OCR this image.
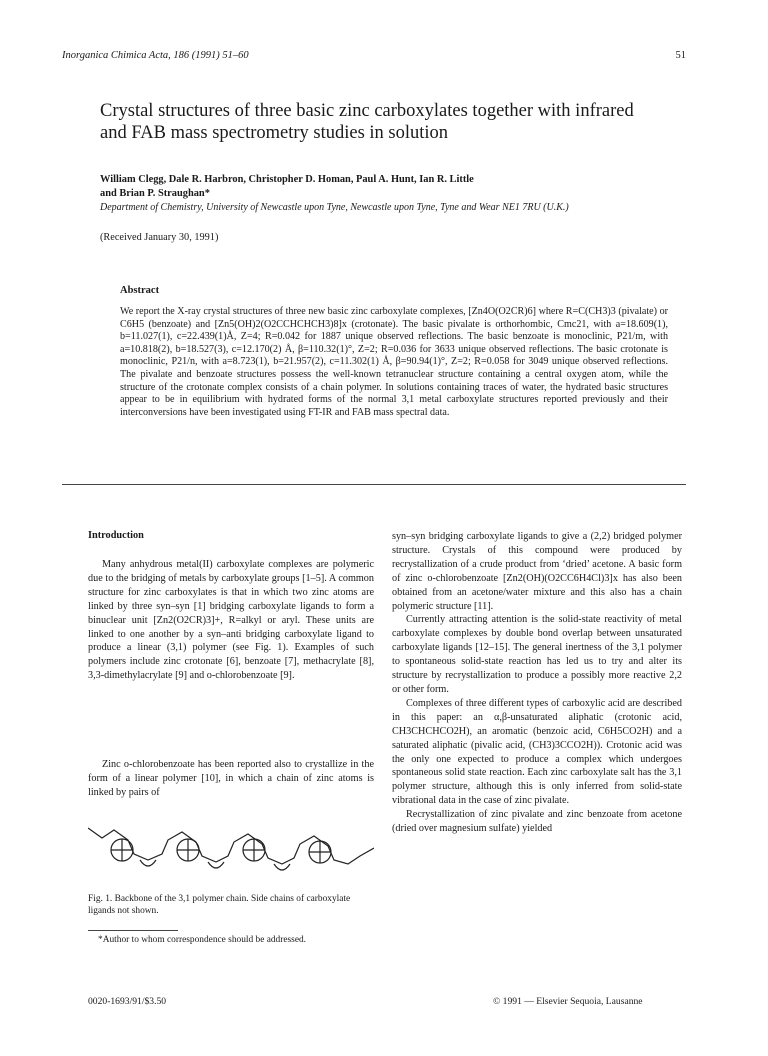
Inorganica Chimica Acta, 186 (1991) 51–60	51
Crystal structures of three basic zinc carboxylates together with infrared and FAB mass spectrometry studies in solution
William Clegg, Dale R. Harbron, Christopher D. Homan, Paul A. Hunt, Ian R. Little
and Brian P. Straughan*
Department of Chemistry, University of Newcastle upon Tyne, Newcastle upon Tyne, Tyne and Wear NE1 7RU (U.K.)
(Received January 30, 1991)
Abstract
We report the X-ray crystal structures of three new basic zinc carboxylate complexes, [Zn4O(O2CR)6] where R=C(CH3)3 (pivalate) or C6H5 (benzoate) and [Zn5(OH)2(O2CCHCHCH3)8]x (crotonate). The basic pivalate is orthorhombic, Cmc21, with a=18.609(1), b=11.027(1), c=22.439(1)Å, Z=4; R=0.042 for 1887 unique observed reflections. The basic benzoate is monoclinic, P21/m, with a=10.818(2), b=18.527(3), c=12.170(2) Å, β=110.32(1)°, Z=2; R=0.036 for 3633 unique observed reflections. The basic crotonate is monoclinic, P21/n, with a=8.723(1), b=21.957(2), c=11.302(1) Å, β=90.94(1)°, Z=2; R=0.058 for 3049 unique observed reflections. The pivalate and benzoate structures possess the well-known tetranuclear structure containing a central oxygen atom, while the structure of the crotonate complex consists of a chain polymer. In solutions containing traces of water, the hydrated basic structures appear to be in equilibrium with hydrated forms of the normal 3,1 metal carboxylate structures reported previously and their interconversions have been investigated using FT-IR and FAB mass spectral data.
Introduction

Many anhydrous metal(II) carboxylate complexes are polymeric due to the bridging of metals by carboxylate groups [1–5]. A common structure for zinc carboxylates is that in which two zinc atoms are linked by three syn–syn [1] bridging carboxylate ligands to form a binuclear unit [Zn2(O2CR)3]+, R=alkyl or aryl. These units are linked to one another by a syn–anti bridging carboxylate ligand to produce a linear (3,1) polymer (see Fig. 1). Examples of such polymers include zinc crotonate [6], benzoate [7], methacrylate [8], 3,3-dimethylacrylate [9] and o-chlorobenzoate [9].

Zinc o-chlorobenzoate has been reported also to crystallize in the form of a linear polymer [10], in which a chain of zinc atoms is linked by pairs of

Fig. 1. Backbone of the 3,1 polymer chain. Side chains of carboxylate ligands not shown.
*Author to whom correspondence should be addressed.

syn–syn bridging carboxylate ligands to give a (2,2) bridged polymer structure. Crystals of this compound were produced by recrystallization of a crude product from ‘dried’ acetone. A basic form of zinc o-chlorobenzoate [Zn2(OH)(O2CC6H4Cl)3]x has also been obtained from an acetone/water mixture and this also has a chain polymeric structure [11].

Currently attracting attention is the solid-state reactivity of metal carboxylate complexes by double bond overlap between unsaturated carboxylate ligands [12–15]. The general inertness of the 3,1 polymer to spontaneous solid-state reaction has led us to try and alter its structure by recrystallization to produce a possibly more reactive 2,2 or other form.

Complexes of three different types of carboxylic acid are described in this paper: an α,β-unsaturated aliphatic (crotonic acid, CH3CHCHCO2H), an aromatic (benzoic acid, C6H5CO2H) and a saturated aliphatic (pivalic acid, (CH3)3CCO2H)). Crotonic acid was the only one expected to produce a complex which undergoes spontaneous solid state reaction. Each zinc carboxylate salt has the 3,1 polymer structure, although this is only inferred from solid-state vibrational data in the case of zinc pivalate.

Recrystallization of zinc pivalate and zinc benzoate from acetone (dried over magnesium sulfate) yielded

0020-1693/91/$3.50	© 1991 — Elsevier Sequoia, Lausanne
